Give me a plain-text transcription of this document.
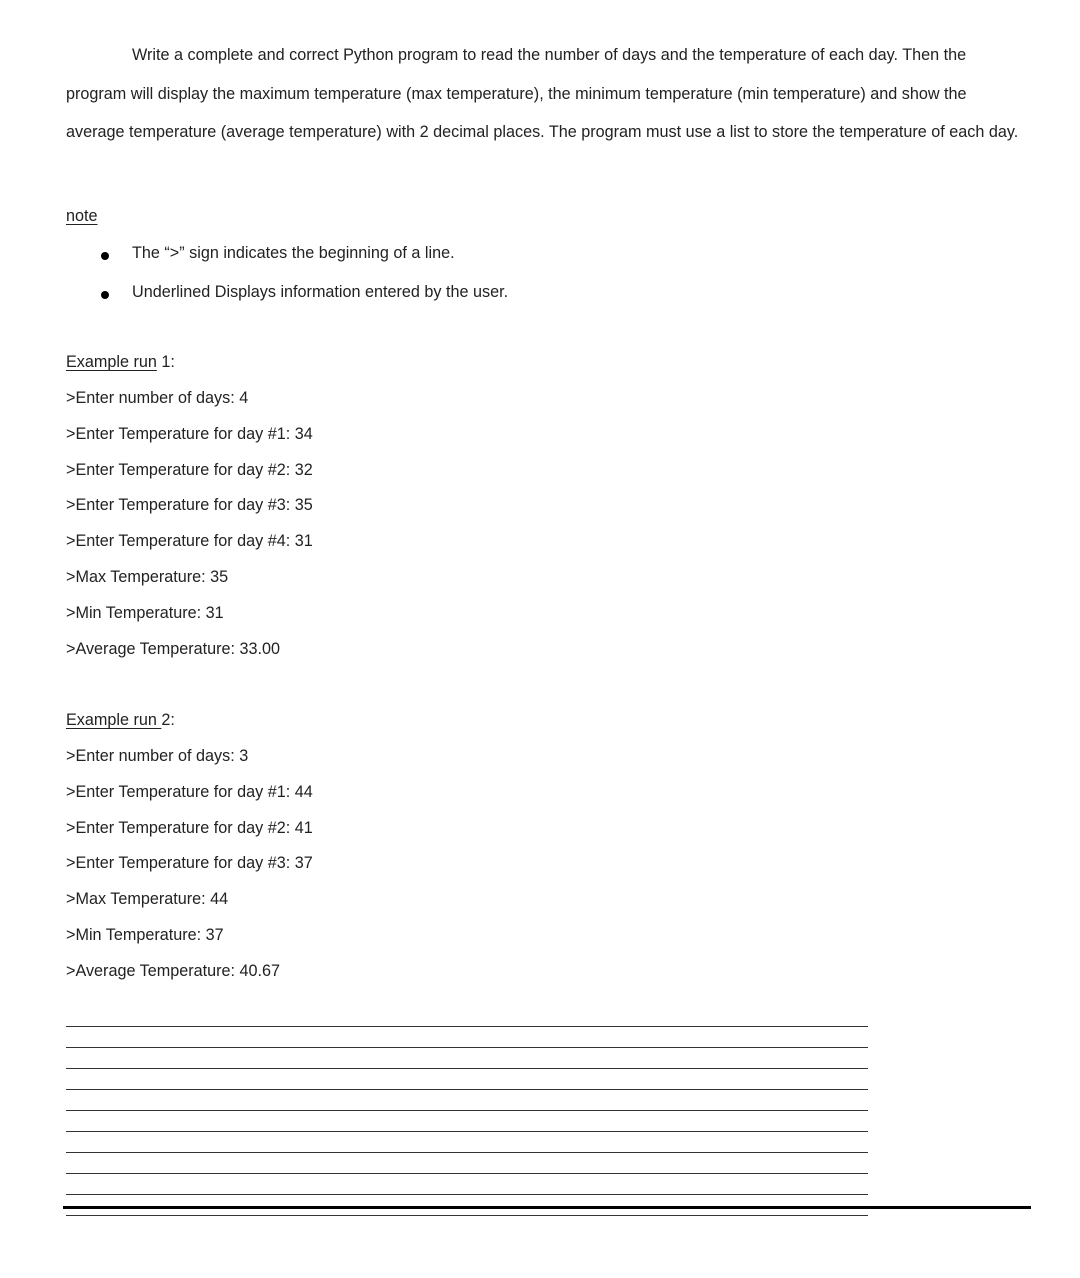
Write a complete and correct Python program to read the number of days and the temperature of each day. Then the program will display the maximum temperature (max temperature), the minimum temperature (min temperature) and show the average temperature (average temperature) with 2 decimal places. The program must use a list to store the temperature of each day.

note
The “>” sign indicates the beginning of a line.
Underlined Displays information entered by the user.
Example run 1:
>Enter number of days: 4
>Enter Temperature for day #1: 34
>Enter Temperature for day #2: 32
>Enter Temperature for day #3: 35
>Enter Temperature for day #4: 31
>Max Temperature: 35
>Min Temperature: 31
>Average Temperature: 33.00
Example run 2:
>Enter number of days: 3
>Enter Temperature for day #1: 44
>Enter Temperature for day #2: 41
>Enter Temperature for day #3: 37
>Max Temperature: 44
>Min Temperature: 37
>Average Temperature: 40.67
